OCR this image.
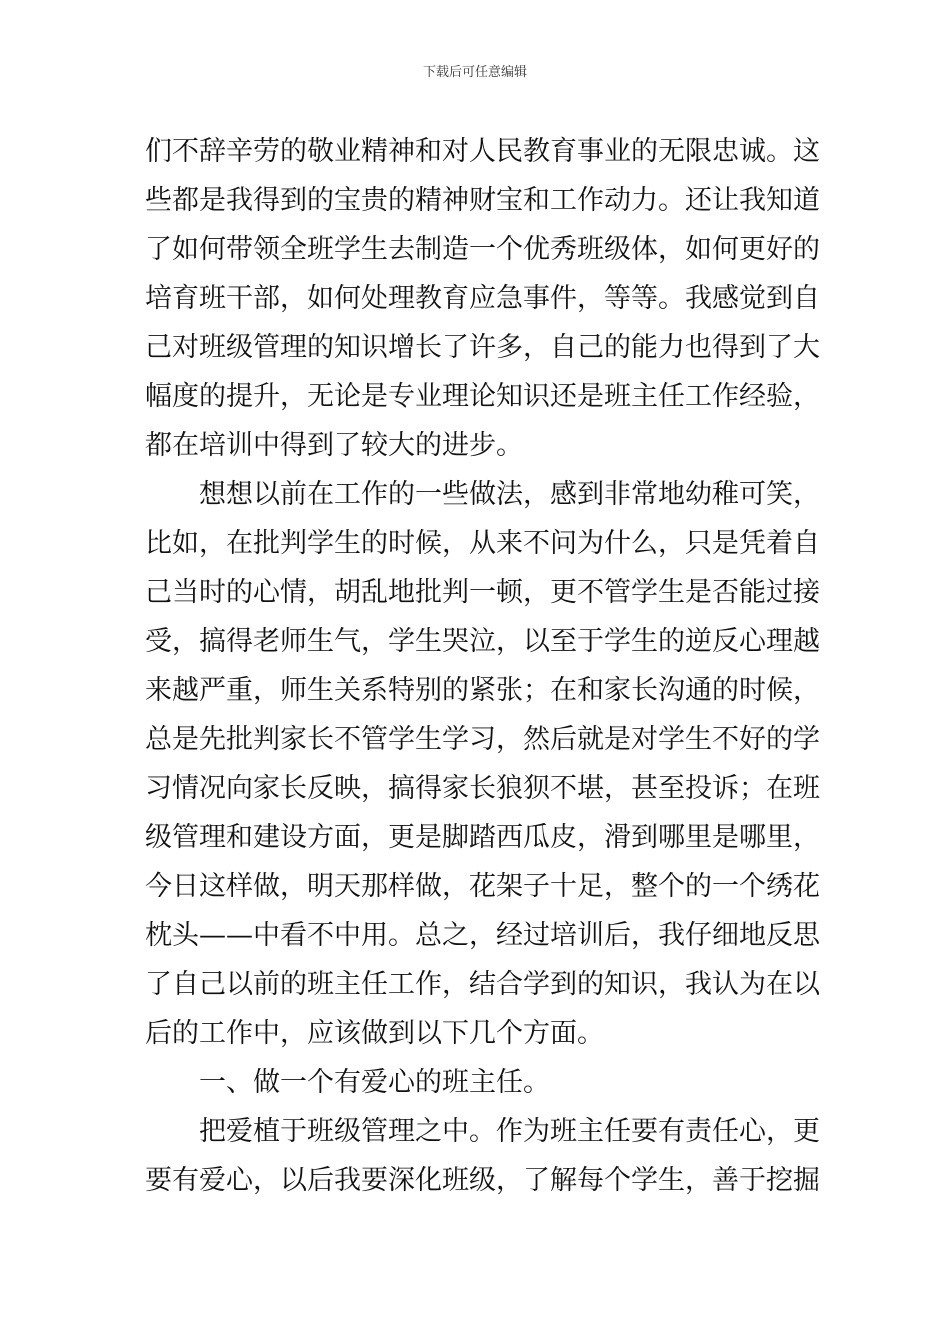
下载后可任意编辑
们不辞辛劳的敬业精神和对人民教育事业的无限忠诚。这
些都是我得到的宝贵的精神财宝和工作动力。还让我知道
了如何带领全班学生去制造一个优秀班级体，如何更好的
培育班干部，如何处理教育应急事件，等等。我感觉到自
己对班级管理的知识增长了许多，自己的能力也得到了大
幅度的提升，无论是专业理论知识还是班主任工作经验，
都在培训中得到了较大的进步。
想想以前在工作的一些做法，感到非常地幼稚可笑，
比如，在批判学生的时候，从来不问为什么，只是凭着自
己当时的心情，胡乱地批判一顿，更不管学生是否能过接
受，搞得老师生气，学生哭泣，以至于学生的逆反心理越
来越严重，师生关系特别的紧张；在和家长沟通的时候，
总是先批判家长不管学生学习，然后就是对学生不好的学
习情况向家长反映，搞得家长狼狈不堪，甚至投诉；在班
级管理和建设方面，更是脚踏西瓜皮，滑到哪里是哪里，
今日这样做，明天那样做，花架子十足，整个的一个绣花
枕头——中看不中用。总之，经过培训后，我仔细地反思
了自己以前的班主任工作，结合学到的知识，我认为在以
后的工作中，应该做到以下几个方面。
一、做一个有爱心的班主任。
把爱植于班级管理之中。作为班主任要有责任心，更
要有爱心，以后我要深化班级，了解每个学生，善于挖掘
